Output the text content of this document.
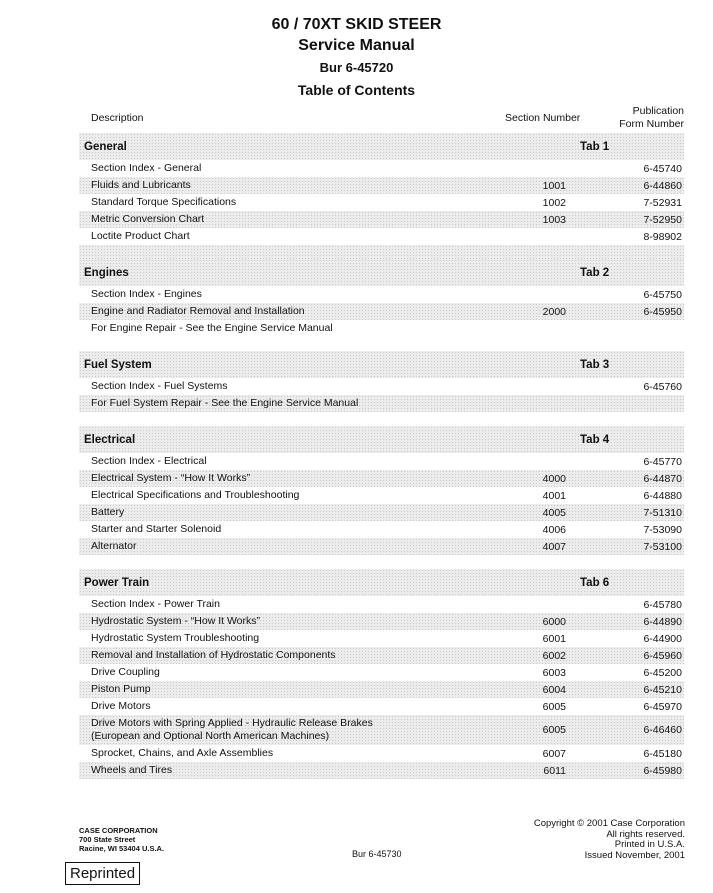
60 / 70XT SKID STEER
Service Manual
Bur 6-45720
Table of Contents
Description	Section Number
Publication
Form Number
General	Tab 1
Section Index - General	6-45740
Fluids and Lubricants	1001	6-44860
Standard Torque Specifications	1002	7-52931
Metric Conversion Chart	1003	7-52950
Loctite Product Chart	8-98902
Engines	Tab 2
Section Index - Engines	6-45750
Engine and Radiator Removal and Installation	2000	6-45950
For Engine Repair - See the Engine Service Manual
Fuel System	Tab 3
Section Index - Fuel Systems	6-45760
For Fuel System Repair - See the Engine Service Manual
Electrical	Tab 4
Section Index - Electrical	6-45770
Electrical System - “How It Works”	4000	6-44870
Electrical Specifications and Troubleshooting	4001	6-44880
Battery	4005	7-51310
Starter and Starter Solenoid	4006	7-53090
Alternator	4007	7-53100
Power Train	Tab 6
Section Index - Power Train	6-45780
Hydrostatic System - “How It Works”	6000	6-44890
Hydrostatic System Troubleshooting	6001	6-44900
Removal and Installation of Hydrostatic Components	6002	6-45960
Drive Coupling	6003	6-45200
Piston Pump	6004	6-45210
Drive Motors	6005	6-45970
Drive Motors with Spring Applied - Hydraulic Release Brakes
(European and Optional North American Machines)	6005	6-46460
Sprocket, Chains, and Axle Assemblies	6007	6-45180
Wheels and Tires	6011	6-45980
CASE CORPORATION
700 State Street
Racine, WI 53404 U.S.A.
Bur 6-45730
Copyright © 2001 Case Corporation
All rights reserved.
Printed in U.S.A.
Issued November, 2001
Reprinted
